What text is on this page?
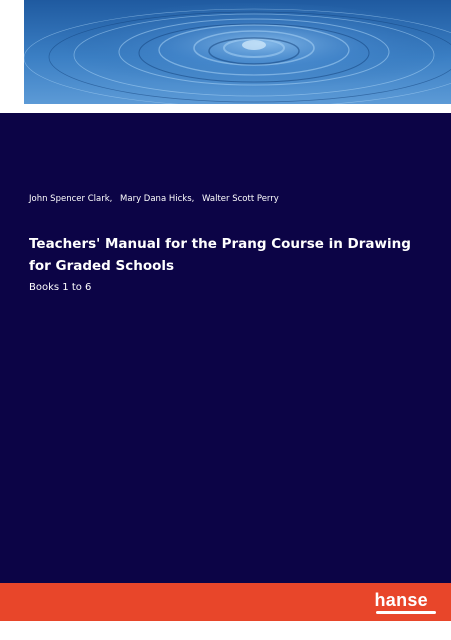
John Spencer Clark, Mary Dana Hicks, Walter Scott Perry
Teachers' Manual for the Prang Course in Drawing for Graded Schools
Books 1 to 6
hanse
